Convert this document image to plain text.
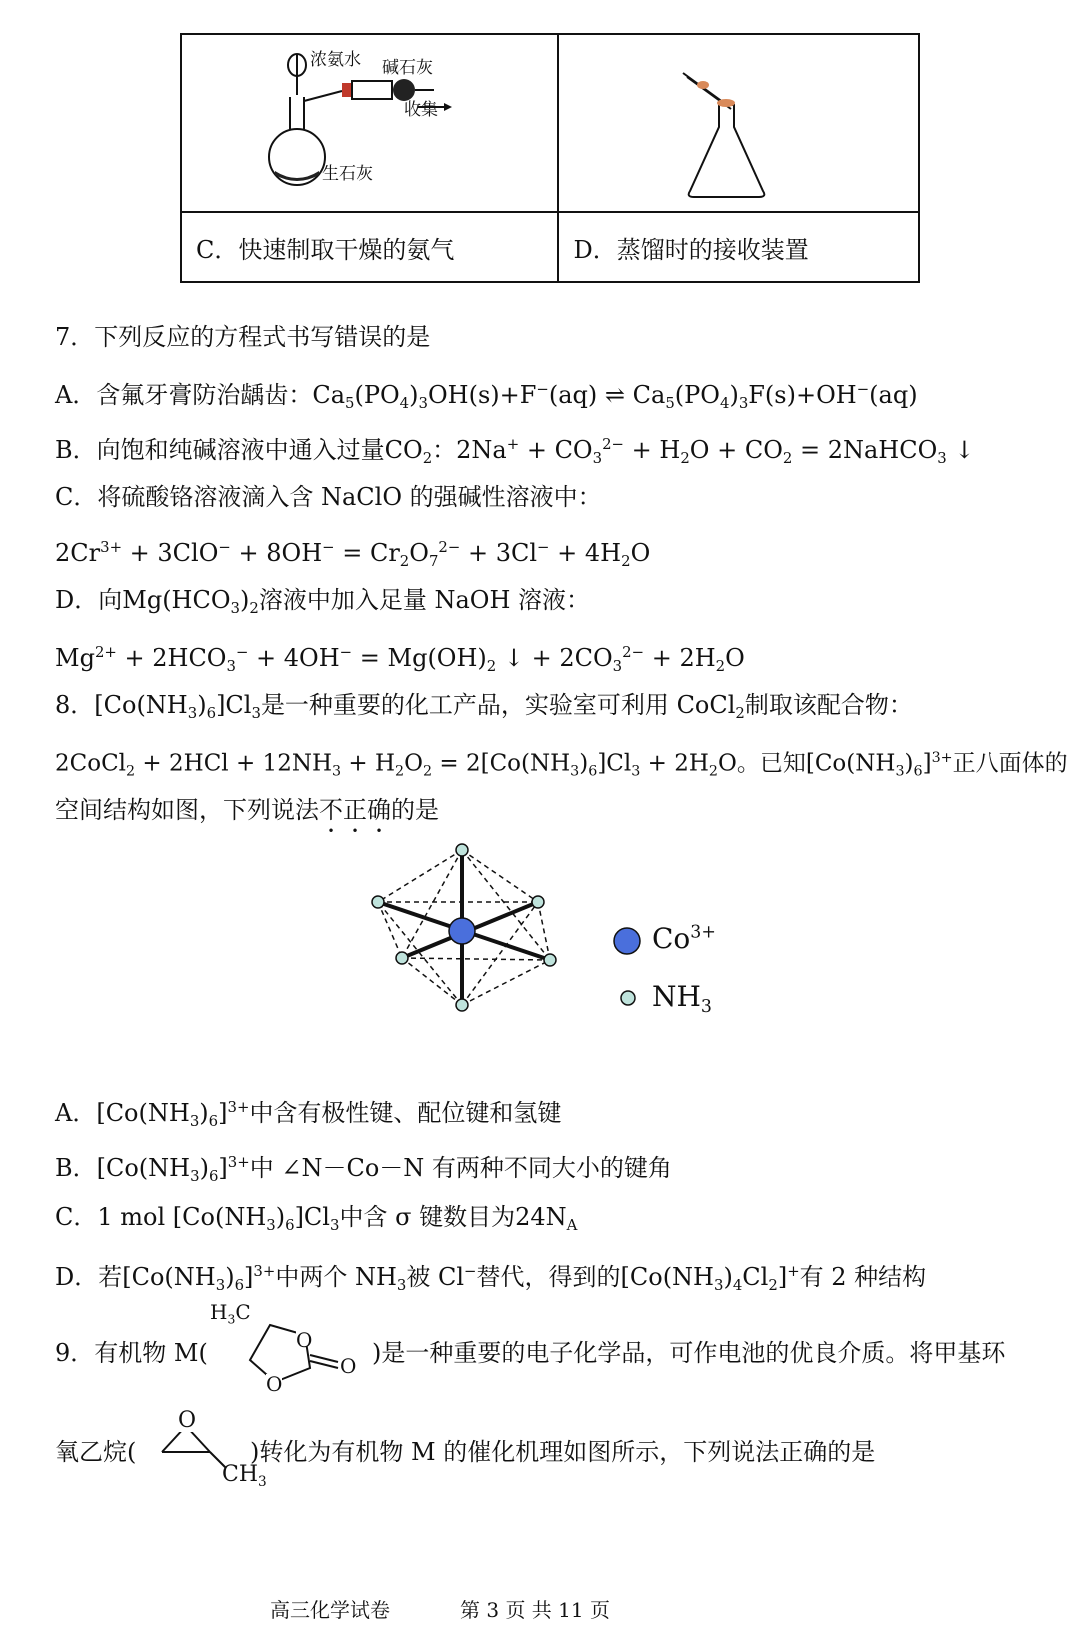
浓氨水 碱石灰
收集
生石灰

C．快速制取干燥的氨气	D．蒸馏时的接收装置
7．下列反应的方程式书写错误的是
A．含氟牙膏防治龋齿：$Ca_5(PO_4)_3OH(s)+F^-(aq)$ ⇌ $Ca_5(PO_4)_3F(s)+OH^-(aq)$
B．向饱和纯碱溶液中通入过量$CO_2$：$2Na^+ + CO_3^{2-} + H_2O + CO_2$ = 2NaHCO$_3$ ↓
C．将硫酸铬溶液滴入含 NaClO 的强碱性溶液中：
$2Cr^{3+} + 3ClO^- + 8OH^- = Cr_2O_7^{2-} + 3Cl^- + 4H_2O$
D．向$Mg(HCO_3)_2$溶液中加入足量 NaOH 溶液：
$Mg^{2+} + 2HCO_3^- + 4OH^- = Mg(OH)_2$ ↓ + $2CO_3^{2-} + 2H_2O$
8．$[Co(NH_3)_6]Cl_3$是一种重要的化工产品，实验室可利用 CoCl$_2$制取该配合物：
2CoCl$_2$ + $2HCl + 12NH_3 + H_2O_2 = 2[Co(NH_3)_6]Cl_3 + 2H_2O$。已知$[Co(NH_3)_6]^{3+}$正八面体的
空间结构如图，下列说法不正确的是
$Co^{3+}$
$NH_3$
A．$[Co(NH_3)_6]^{3+}$中含有极性键、配位键和氢键
B．$[Co(NH_3)_6]^{3+}$中 ∠N－Co－N 有两种不同大小的键角
C．1 mol $[Co(NH_3)_6]Cl_3$中含 σ 键数目为$24N_A$
D．若$[Co(NH_3)_6]^{3+}$中两个 $NH_3$被 Cl−替代，得到的$[Co(NH_3)_4Cl_2]^+$有 2 种结构
9．有机物 M(
$H_3C$
O
O
O )是一种重要的电子化学品，可作电池的优良介质。将甲基环
氧乙烷(
O
$CH_3$
)转化为有机物 M 的催化机理如图所示，下列说法正确的是
高三化学试卷	第 3 页 共 11 页
